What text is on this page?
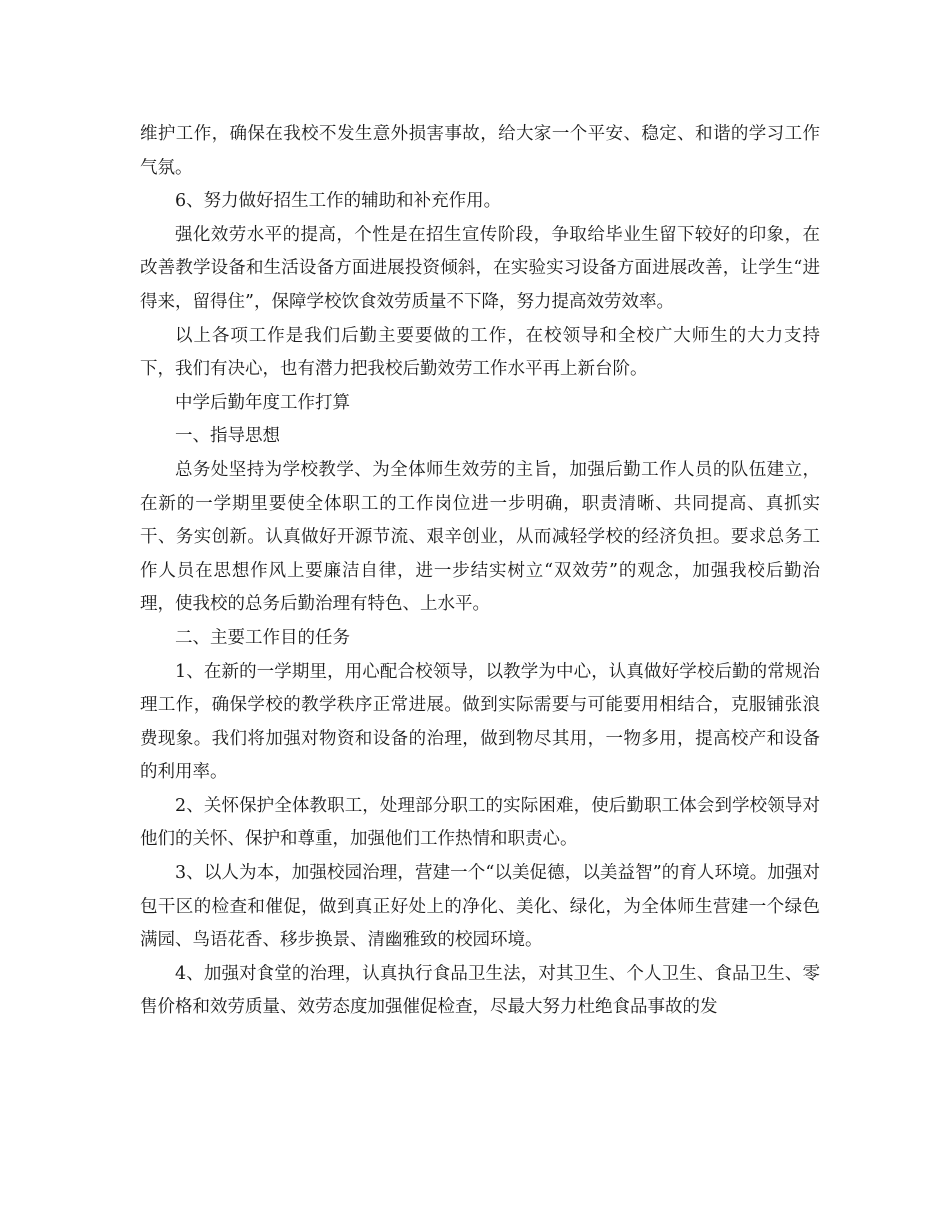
维护工作，确保在我校不发生意外损害事故，给大家一个平安、稳定、和谐的学习工作气氛。

6、努力做好招生工作的辅助和补充作用。

强化效劳水平的提高，个性是在招生宣传阶段，争取给毕业生留下较好的印象，在改善教学设备和生活设备方面进展投资倾斜，在实验实习设备方面进展改善，让学生“进得来，留得住”，保障学校饮食效劳质量不下降，努力提高效劳效率。

以上各项工作是我们后勤主要要做的工作，在校领导和全校广大师生的大力支持下，我们有决心，也有潜力把我校后勤效劳工作水平再上新台阶。

中学后勤年度工作打算

一、指导思想

总务处坚持为学校教学、为全体师生效劳的主旨，加强后勤工作人员的队伍建立，在新的一学期里要使全体职工的工作岗位进一步明确，职责清晰、共同提高、真抓实干、务实创新。认真做好开源节流、艰辛创业，从而减轻学校的经济负担。要求总务工作人员在思想作风上要廉洁自律，进一步结实树立“双效劳”的观念，加强我校后勤治理，使我校的总务后勤治理有特色、上水平。

二、主要工作目的任务

1、在新的一学期里，用心配合校领导，以教学为中心，认真做好学校后勤的常规治理工作，确保学校的教学秩序正常进展。做到实际需要与可能要用相结合，克服铺张浪费现象。我们将加强对物资和设备的治理，做到物尽其用，一物多用，提高校产和设备的利用率。

2、关怀保护全体教职工，处理部分职工的实际困难，使后勤职工体会到学校领导对他们的关怀、保护和尊重，加强他们工作热情和职责心。

3、以人为本，加强校园治理，营建一个“以美促德，以美益智”的育人环境。加强对包干区的检查和催促，做到真正好处上的净化、美化、绿化，为全体师生营建一个绿色满园、鸟语花香、移步换景、清幽雅致的校园环境。

4、加强对食堂的治理，认真执行食品卫生法，对其卫生、个人卫生、食品卫生、零售价格和效劳质量、效劳态度加强催促检查，尽最大努力杜绝食品事故的发
